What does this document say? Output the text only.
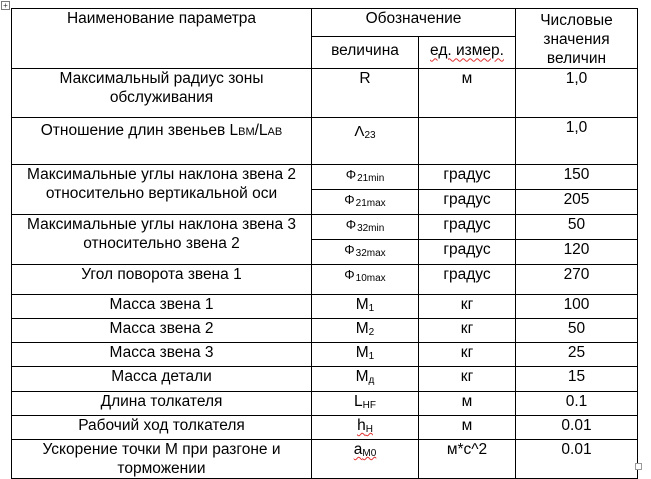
+
Наименование параметра	Обозначение		Числовые значения величин

	величина	ед. измер.	
Максимальный радиус зоны обслуживания	R	м	1,0
Отношение длин звеньев LBM/LAB	$\Lambda_{23}$		1,0
Максимальные углы наклона звена 2 относительно вертикальной оси	$\Phi_{21min}$	градус	150
	$\Phi_{21max}$	градус	205
Максимальные углы наклона звена 3 относительно звена 2	$\Phi_{32min}$	градус	50
	$\Phi_{32max}$	градус	120
Угол поворота звена 1	$\Phi_{10max}$	градус	270
Масса звена 1	$M_1$	кг	100
Масса звена 2	$M_2$	кг	50
Масса звена 3	$M_1$	кг	25
Масса детали	$M_д$	кг	15
Длина толкателя	$L_{HF}$	м	0.1
Рабочий ход толкателя	$h_H$	м	0.01
Ускорение точки М при разгоне и торможении	$a_{M0}$	м*с^2	0.01
